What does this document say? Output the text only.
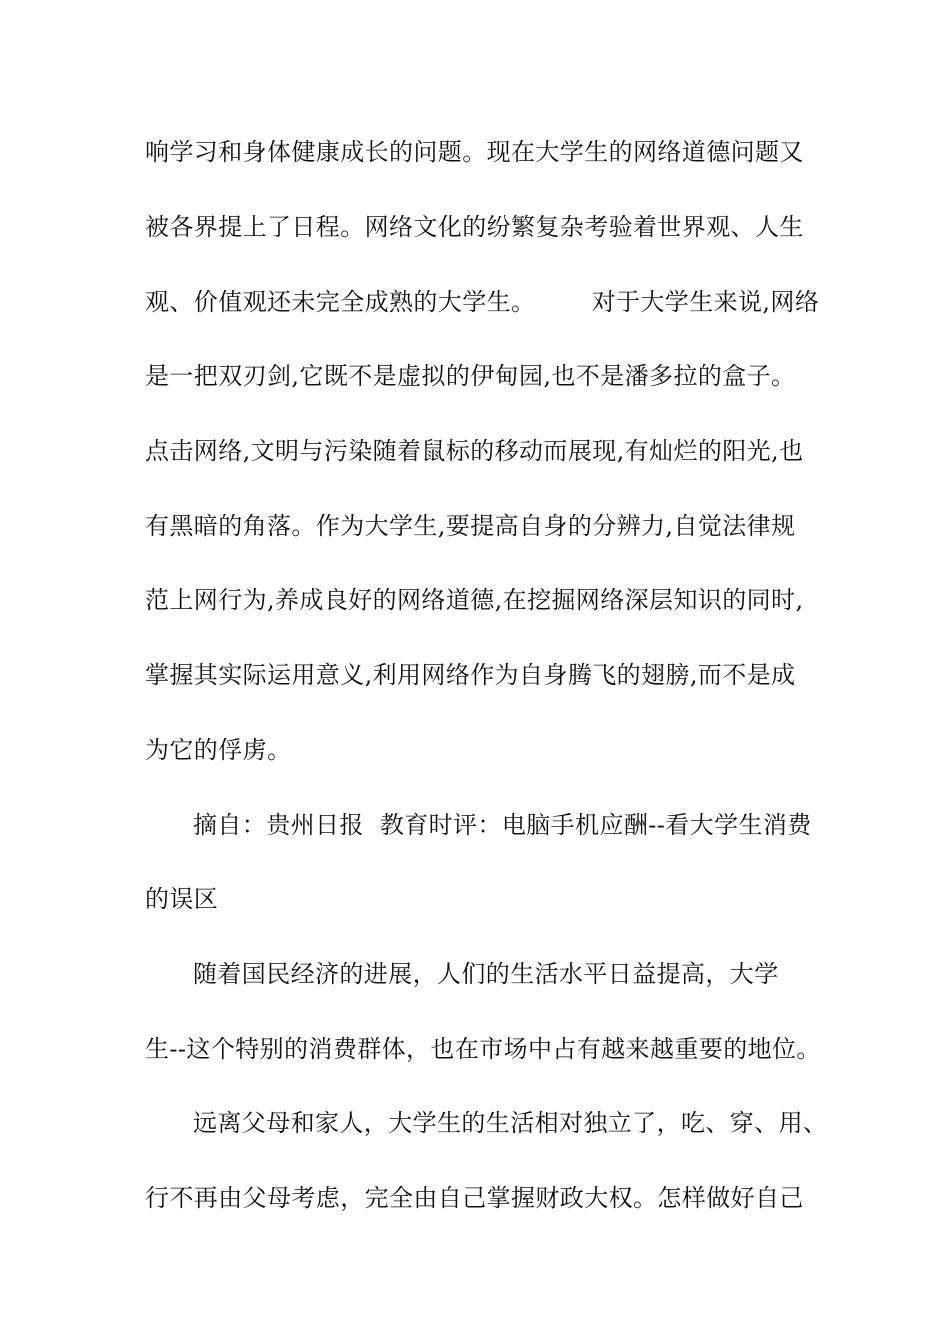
响学习和身体健康成长的问题。现在大学生的网络道德问题又
被各界提上了日程。网络文化的纷繁复杂考验着世界观、人生
观、价值观还未完全成熟的大学生。       对于大学生来说,网络
是一把双刃剑,它既不是虚拟的伊甸园,也不是潘多拉的盒子。
点击网络,文明与污染随着鼠标的移动而展现,有灿烂的阳光,也
有黑暗的角落。作为大学生,要提高自身的分辨力,自觉法律规
范上网行为,养成良好的网络道德,在挖掘网络深层知识的同时,
掌握其实际运用意义,利用网络作为自身腾飞的翅膀,而不是成
为它的俘虏。
摘自：贵州日报  教育时评：电脑手机应酬--看大学生消费
的误区
随着国民经济的进展，人们的生活水平日益提高，大学
生--这个特别的消费群体，也在市场中占有越来越重要的地位。
远离父母和家人，大学生的生活相对独立了，吃、穿、用、
行不再由父母考虑，完全由自己掌握财政大权。怎样做好自己
